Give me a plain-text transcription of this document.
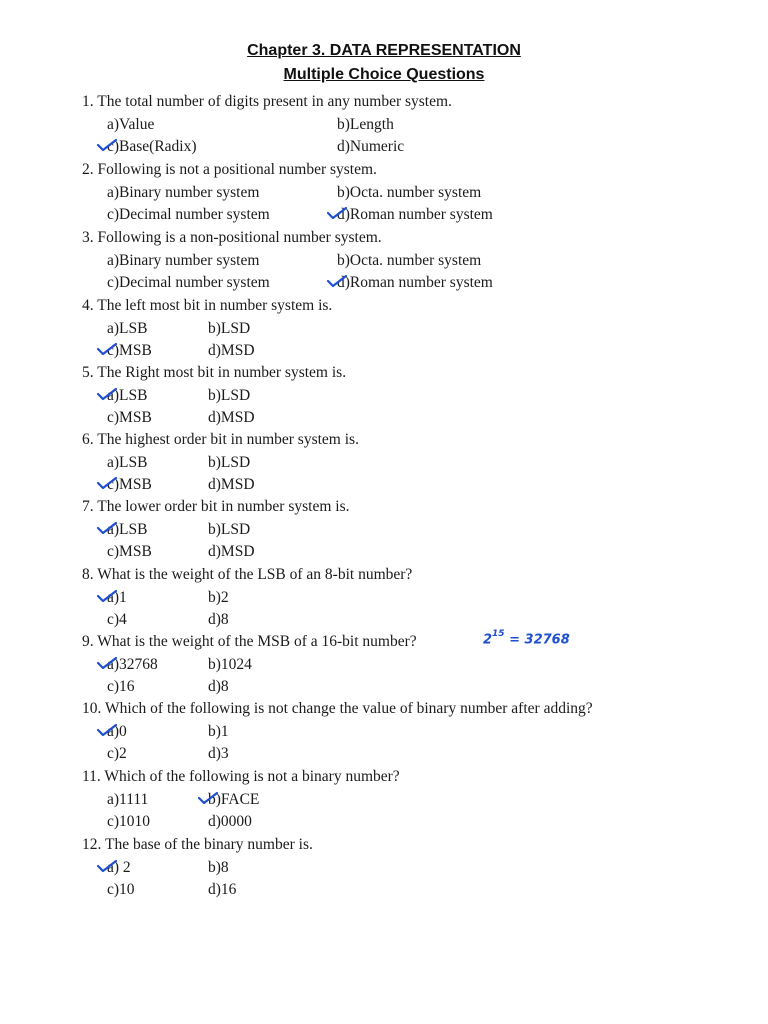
Chapter 3. DATA REPRESENTATION
Multiple Choice Questions
1. The total number of digits present in any number system.
a)Value	b)Length
c)Base(Radix)	d)Numeric
2. Following is not a positional number system.
a)Binary number system	b)Octa. number system
c)Decimal number system	d)Roman number system
3. Following is a non-positional number system.
a)Binary number system	b)Octa. number system
c)Decimal number system	d)Roman number system
4. The left most bit in number system is.
a)LSB	b)LSD
c)MSB	d)MSD
5. The Right most bit in number system is.
a)LSB	b)LSD
c)MSB	d)MSD
6. The highest order bit in number system is.
a)LSB	b)LSD
c)MSB	d)MSD
7. The lower order bit in number system is.
a)LSB	b)LSD
c)MSB	d)MSD
8. What is the weight of the LSB of an 8-bit number?
a)1	b)2
c)4	d)8
9. What is the weight of the MSB of a 16-bit number?
a)32768	b)1024
c)16	d)8
10. Which of the following is not change the value of binary number after adding?
a)0	b)1
c)2	d)3
11. Which of the following is not a binary number?
a)1111	b)FACE
c)1010	d)0000
12. The base of the binary number is.
a) 2	b)8
c)10	d)16
$2^{15} = 32768$
